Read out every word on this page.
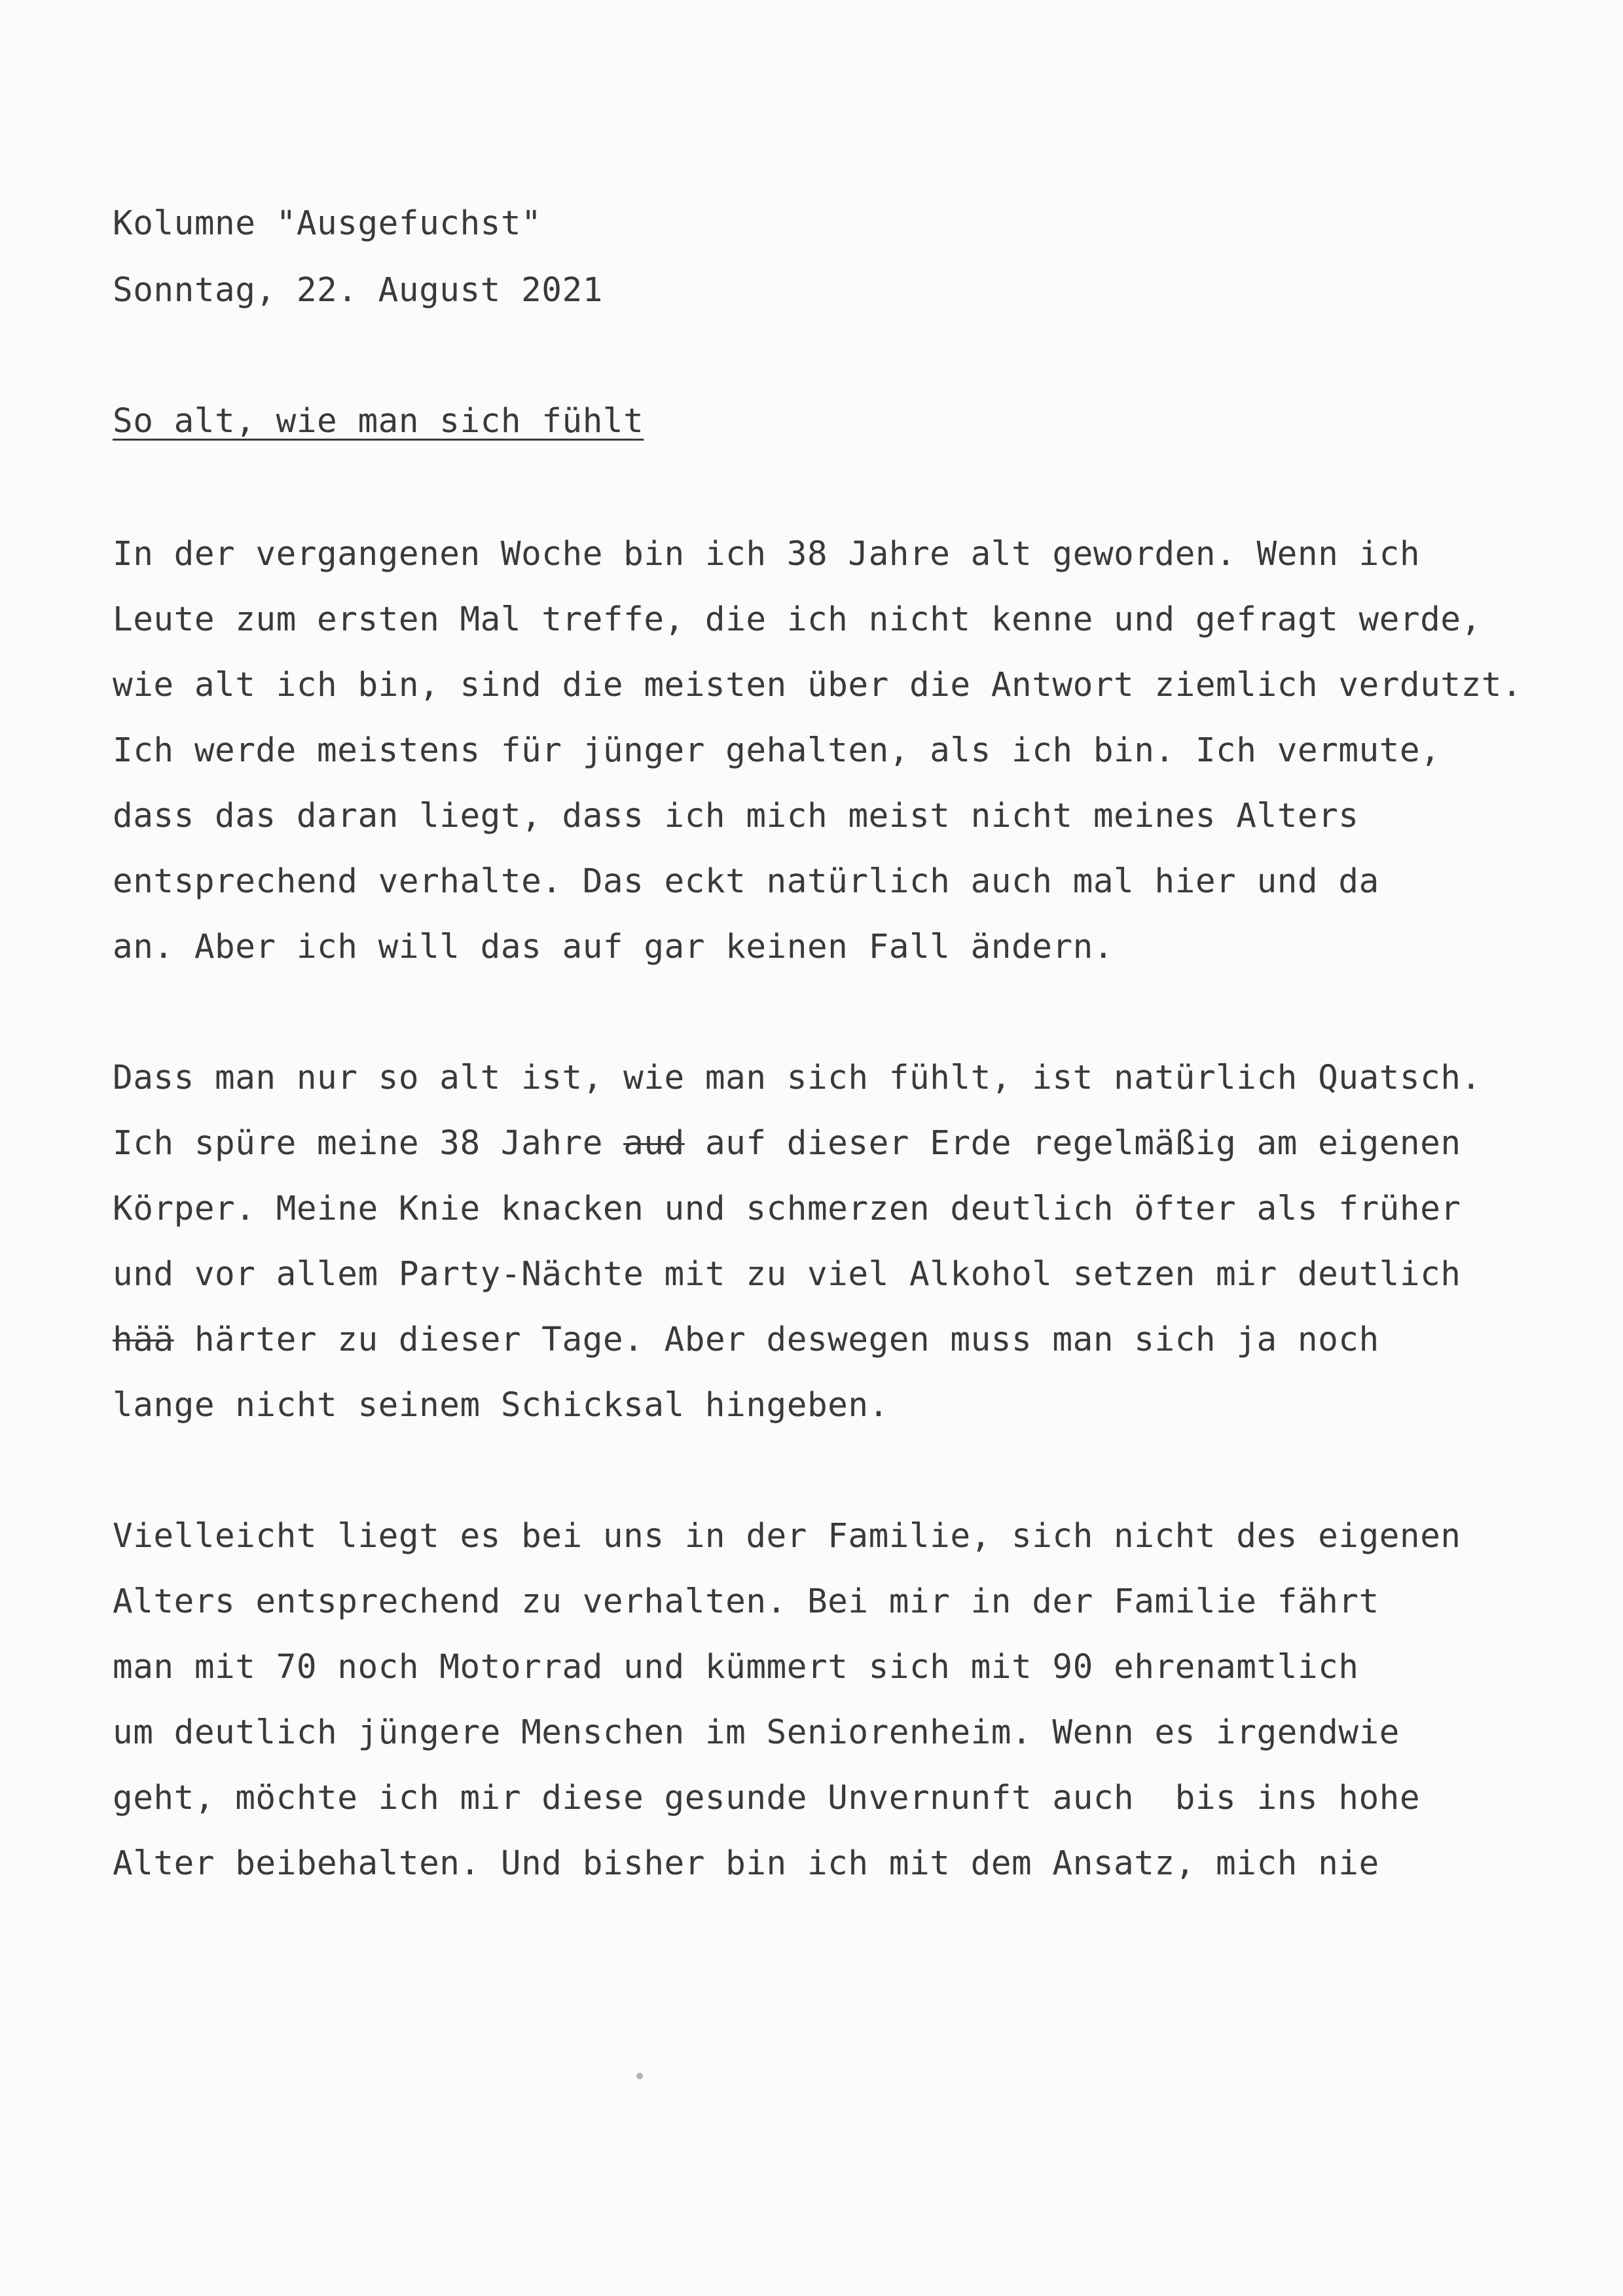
Kolumne "Ausgefuchst"
Sonntag, 22. August 2021
So alt, wie man sich fühlt
In der vergangenen Woche bin ich 38 Jahre alt geworden. Wenn ich
Leute zum ersten Mal treffe, die ich nicht kenne und gefragt werde,
wie alt ich bin, sind die meisten über die Antwort ziemlich verdutzt.
Ich werde meistens für jünger gehalten, als ich bin. Ich vermute,
dass das daran liegt, dass ich mich meist nicht meines Alters
entsprechend verhalte. Das eckt natürlich auch mal hier und da
an. Aber ich will das auf gar keinen Fall ändern.
Dass man nur so alt ist, wie man sich fühlt, ist natürlich Quatsch.
Ich spüre meine 38 Jahre aud auf dieser Erde regelmäßig am eigenen
Körper. Meine Knie knacken und schmerzen deutlich öfter als früher
und vor allem Party-Nächte mit zu viel Alkohol setzen mir deutlich
hää härter zu dieser Tage. Aber deswegen muss man sich ja noch
lange nicht seinem Schicksal hingeben.
Vielleicht liegt es bei uns in der Familie, sich nicht des eigenen
Alters entsprechend zu verhalten. Bei mir in der Familie fährt
man mit 70 noch Motorrad und kümmert sich mit 90 ehrenamtlich
um deutlich jüngere Menschen im Seniorenheim. Wenn es irgendwie
geht, möchte ich mir diese gesunde Unvernunft auch  bis ins hohe
Alter beibehalten. Und bisher bin ich mit dem Ansatz, mich nie
